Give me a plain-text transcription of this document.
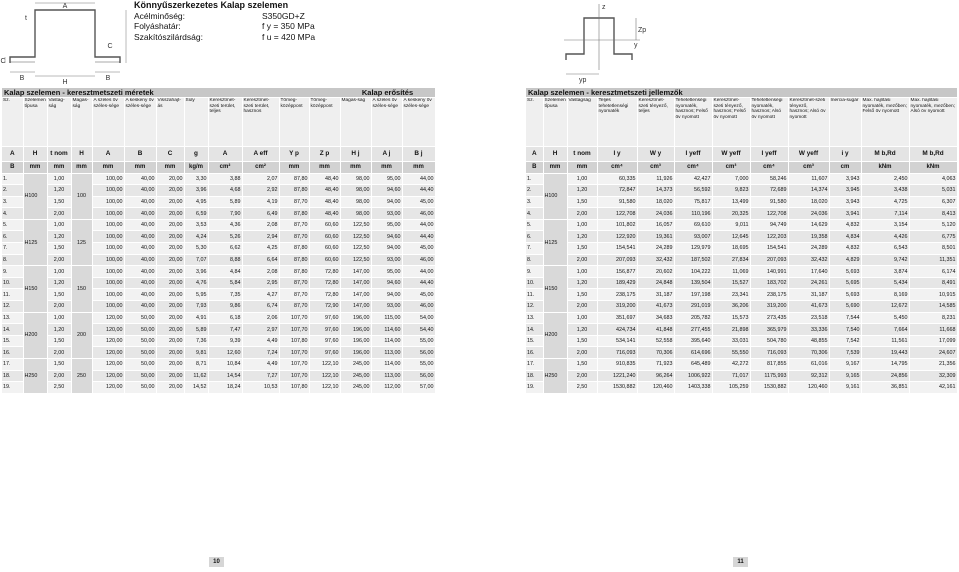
Könnyűszerkezetes Kalap szelemen
Acélminőség:	S350GD+Z
Folyáshatár:	f y = 350 MPa
Szakítószilárdság:	f u = 420 MPa
A
B	B
C
C
H
t
z
y
yp
Zp
Kalap szelemen - keresztmetszeti méretek	Kalap erősítés
Sz.	Szelemen típusa	Vastag-ság	Magas-ság	A széles öv széles-sége	A keskeny öv széles-sége	Visszahajt-ás	Súly	Keresztmet-szeti terület, teljes	Keresztmet-szeti terület, hasznos	Tömeg-középpont	Tömeg-középpont	Magas-ság	A széles öv széles-sége	A keskeny öv széles-sége
A	H	t nom	H	A	B	C	g	A	A eff	Y p	Z p	H j	A j	B j
B	mm	mm	mm	mm	mm	mm	kg/m	cm²	cm²	mm	mm	mm	mm	mm
1.	H100	1,00	100	100,00	40,00	20,00	3,30	3,88	2,07	87,80	48,40	98,00	95,00	44,00
2.		1,20		100,00	40,00	20,00	3,96	4,68	2,92	87,80	48,40	98,00	94,60	44,40
3.		1,50		100,00	40,00	20,00	4,95	5,89	4,19	87,70	48,40	98,00	94,00	45,00
4.		2,00		100,00	40,00	20,00	6,59	7,90	6,49	87,80	48,40	98,00	93,00	46,00
5.	H125	1,00	125	100,00	40,00	20,00	3,53	4,36	2,08	87,70	60,60	122,50	95,00	44,00
6.		1,20		100,00	40,00	20,00	4,24	5,26	2,94	87,70	60,60	122,50	94,60	44,40
7.		1,50		100,00	40,00	20,00	5,30	6,62	4,25	87,80	60,60	122,50	94,00	45,00
8.		2,00		100,00	40,00	20,00	7,07	8,88	6,64	87,80	60,60	122,50	93,00	46,00
9.	H150	1,00	150	100,00	40,00	20,00	3,96	4,84	2,08	87,80	72,80	147,00	95,00	44,00
10.		1,20		100,00	40,00	20,00	4,76	5,84	2,95	87,70	72,80	147,00	94,60	44,40
11.		1,50		100,00	40,00	20,00	5,95	7,35	4,27	87,70	72,80	147,00	94,00	45,00
12.		2,00		100,00	40,00	20,00	7,93	9,86	6,74	87,70	72,90	147,00	93,00	46,00
13.	H200	1,00	200	120,00	50,00	20,00	4,91	6,18	2,06	107,70	97,60	196,00	115,00	54,00
14.		1,20		120,00	50,00	20,00	5,89	7,47	2,97	107,70	97,60	196,00	114,60	54,40
15.		1,50		120,00	50,00	20,00	7,36	9,39	4,49	107,80	97,60	196,00	114,00	55,00
16.		2,00		120,00	50,00	20,00	9,81	12,60	7,24	107,70	97,60	196,00	113,00	56,00
17.	H250	1,50	250	120,00	50,00	20,00	8,71	10,84	4,49	107,70	122,10	245,00	114,00	55,00
18.		2,00		120,00	50,00	20,00	11,62	14,54	7,27	107,70	122,10	245,00	113,00	56,00
19.		2,50		120,00	50,00	20,00	14,52	18,24	10,53	107,80	122,10	245,00	112,00	57,00
Kalap szelemen - keresztmetszeti jellemzők
Sz.	Szelemen típusa	Vastagság	Teljes tehetetlenségi nyomaték	Keresztmet-szeti tényező, teljes	Tehetetlenségi nyomaték, hasznos; Felső öv nyomott	Keresztmet-szeti tényező, hasznos; Felső öv nyomott	Tehetetlenségi nyomaték, hasznos; Alsó öv nyomott	Keresztmet-szeti tényező, hasznos; Alsó öv nyomott	Inercia-sugár	Max. hajlítási nyomaték, mezőben; Felső öv nyomott	Max. hajlítási nyomaték, mezőben; Alsó öv nyomott
A	H	t nom	I y	W y	I yeff	W yeff	I yeff	W yeff	i y	M b,Rd	M b,Rd
B	mm	mm	cm⁴	cm³	cm⁴	cm³	cm⁴	cm³	cm	kNm	kNm
1.	H100	1,00	60,335	11,926	42,427	7,000	58,246	11,607	3,943	2,450	4,063
2.		1,20	72,847	14,373	56,592	9,823	72,689	14,374	3,945	3,438	5,031
3.		1,50	91,580	18,020	75,817	13,499	91,580	18,020	3,943	4,725	6,307
4.		2,00	122,708	24,036	110,196	20,325	122,708	24,036	3,941	7,114	8,413
5.	H125	1,00	101,802	16,057	69,610	9,011	94,749	14,629	4,832	3,154	5,120
6.		1,20	122,920	19,361	93,007	12,645	122,203	19,358	4,834	4,426	6,775
7.		1,50	154,541	24,289	129,979	18,695	154,541	24,289	4,832	6,543	8,501
8.		2,00	207,093	32,432	187,502	27,834	207,093	32,432	4,829	9,742	11,351
9.	H150	1,00	156,877	20,602	104,222	11,069	140,991	17,640	5,693	3,874	6,174
10.		1,20	189,429	24,848	139,504	15,527	183,702	24,261	5,695	5,434	8,491
11.		1,50	238,175	31,187	197,198	23,341	238,175	31,187	5,693	8,169	10,915
12.		2,00	319,200	41,673	291,019	36,206	319,200	41,673	5,690	12,672	14,585
13.	H200	1,00	351,697	34,683	205,782	15,573	273,435	23,518	7,544	5,450	8,231
14.		1,20	424,734	41,848	277,455	21,898	365,979	33,336	7,540	7,664	11,668
15.		1,50	534,141	52,558	395,640	33,031	504,780	48,855	7,542	11,561	17,099
16.		2,00	716,093	70,306	614,696	55,550	716,093	70,306	7,539	19,443	24,607
17.	H250	1,50	910,835	71,923	645,489	42,272	817,855	61,016	9,167	14,795	21,356
18.		2,00	1221,240	96,264	1006,922	71,017	1175,993	92,312	9,165	24,856	32,309
19.		2,50	1530,882	120,460	1403,338	105,259	1530,882	120,460	9,161	36,851	42,161
10	11
